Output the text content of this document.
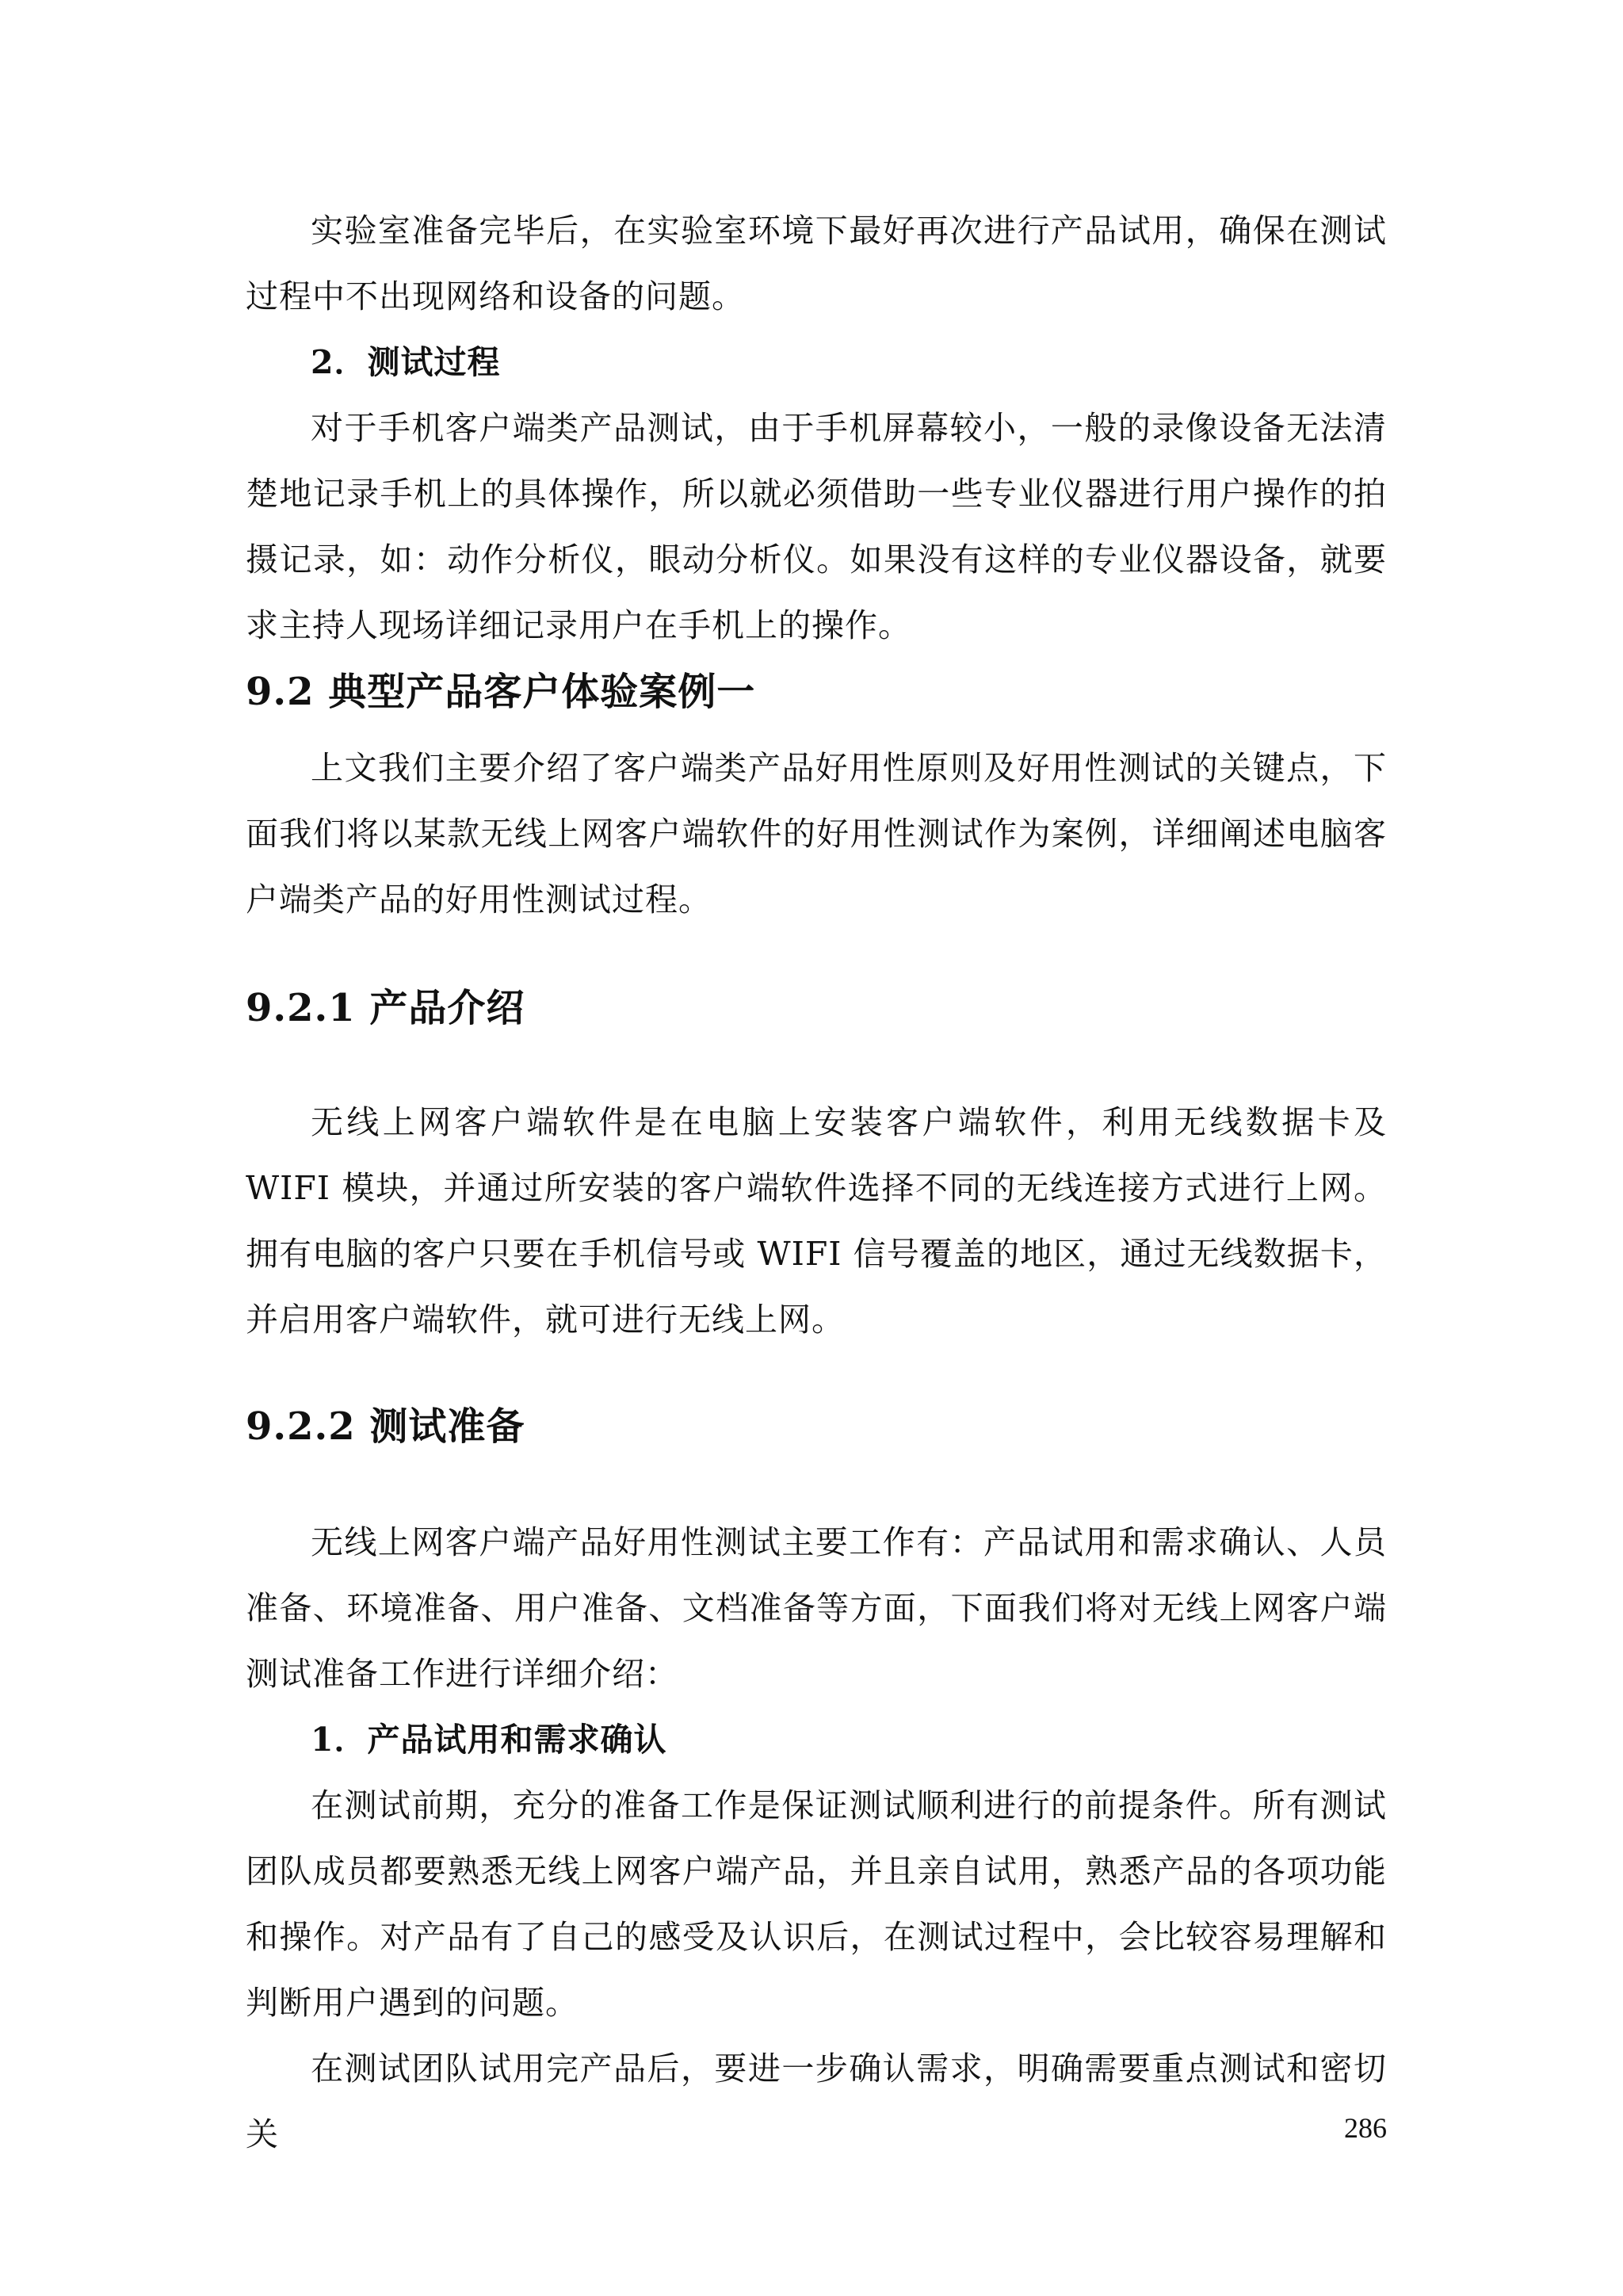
实验室准备完毕后，在实验室环境下最好再次进行产品试用，确保在测试过程中不出现网络和设备的问题。

2．测试过程

对于手机客户端类产品测试，由于手机屏幕较小，一般的录像设备无法清楚地记录手机上的具体操作，所以就必须借助一些专业仪器进行用户操作的拍摄记录，如：动作分析仪，眼动分析仪。如果没有这样的专业仪器设备，就要求主持人现场详细记录用户在手机上的操作。

9.2 典型产品客户体验案例一

上文我们主要介绍了客户端类产品好用性原则及好用性测试的关键点，下面我们将以某款无线上网客户端软件的好用性测试作为案例，详细阐述电脑客户端类产品的好用性测试过程。

9.2.1 产品介绍

无线上网客户端软件是在电脑上安装客户端软件，利用无线数据卡及 WIFI 模块，并通过所安装的客户端软件选择不同的无线连接方式进行上网。拥有电脑的客户只要在手机信号或 WIFI 信号覆盖的地区，通过无线数据卡，并启用客户端软件，就可进行无线上网。

9.2.2 测试准备

无线上网客户端产品好用性测试主要工作有：产品试用和需求确认、人员准备、环境准备、用户准备、文档准备等方面，下面我们将对无线上网客户端测试准备工作进行详细介绍：

1．产品试用和需求确认

在测试前期，充分的准备工作是保证测试顺利进行的前提条件。所有测试团队成员都要熟悉无线上网客户端产品，并且亲自试用，熟悉产品的各项功能和操作。对产品有了自己的感受及认识后，在测试过程中，会比较容易理解和判断用户遇到的问题。

在测试团队试用完产品后，要进一步确认需求，明确需要重点测试和密切关	286
